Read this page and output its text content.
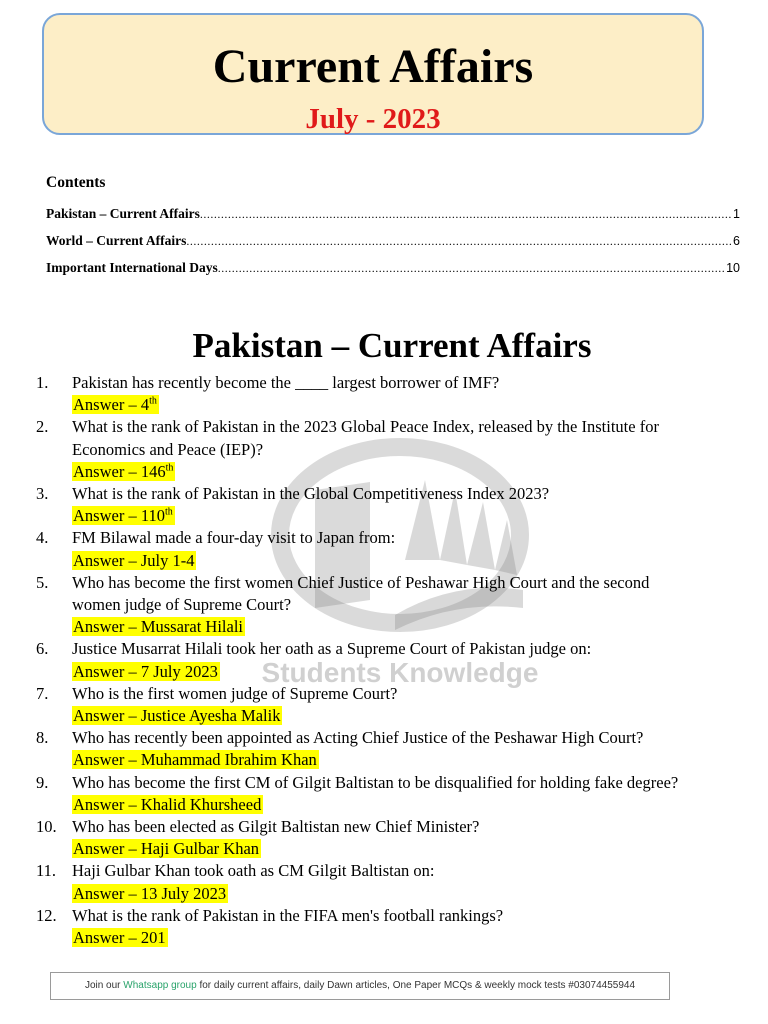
Current Affairs
July - 2023
Contents
Pakistan – Current Affairs .....	1
World – Current Affairs .....	6
Important International Days .....	10
Pakistan – Current Affairs
Students Knowledge
1.	Pakistan has recently become the ____ largest borrower of IMF?
Answer – 4th
2.	What is the rank of Pakistan in the 2023 Global Peace Index, released by the Institute for
Economics and Peace (IEP)?
Answer – 146th
3.	What is the rank of Pakistan in the Global Competitiveness Index 2023?
Answer – 110th
4.	FM Bilawal made a four-day visit to Japan from:
Answer – July 1-4
5.	Who has become the first women Chief Justice of Peshawar High Court and the second
women judge of Supreme Court?
Answer – Mussarat Hilali
6.	Justice Musarrat Hilali took her oath as a Supreme Court of Pakistan judge on:
Answer – 7 July 2023
7.	Who is the first women judge of Supreme Court?
Answer – Justice Ayesha Malik
8.	Who has recently been appointed as Acting Chief Justice of the Peshawar High Court?
Answer – Muhammad Ibrahim Khan
9.	Who has become the first CM of Gilgit Baltistan to be disqualified for holding fake degree?
Answer – Khalid Khursheed
10. Who has been elected as Gilgit Baltistan new Chief Minister?
Answer – Haji Gulbar Khan
11. Haji Gulbar Khan took oath as CM Gilgit Baltistan on:
Answer – 13 July 2023
12. What is the rank of Pakistan in the FIFA men's football rankings?
Answer – 201
Join our Whatsapp group for daily current affairs, daily Dawn articles, One Paper MCQs & weekly mock tests #03074455944
